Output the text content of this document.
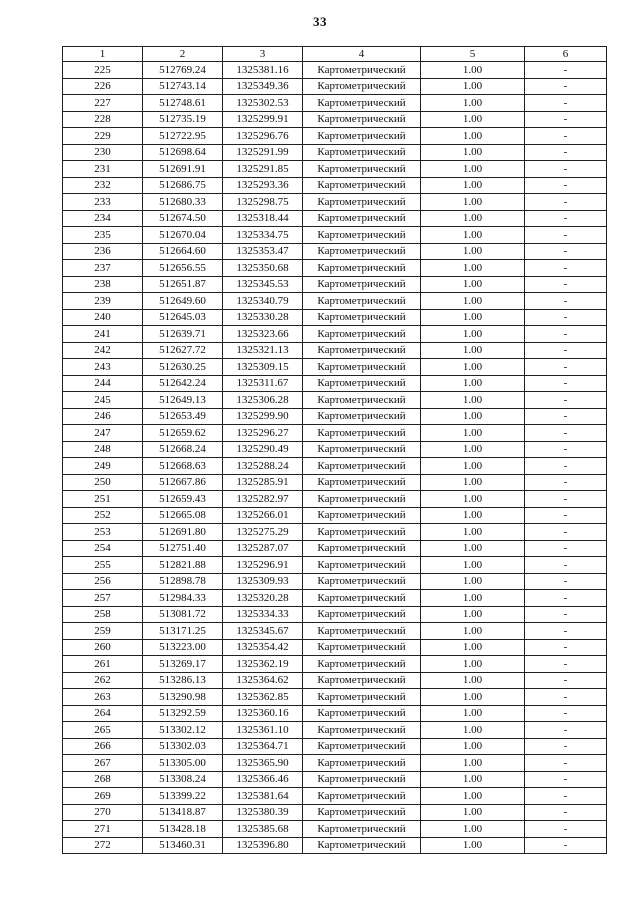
33
1	2	3	4	5	6
225	512769.24	1325381.16	Картометрический	1.00	-
226	512743.14	1325349.36	Картометрический	1.00	-
227	512748.61	1325302.53	Картометрический	1.00	-
228	512735.19	1325299.91	Картометрический	1.00	-
229	512722.95	1325296.76	Картометрический	1.00	-
230	512698.64	1325291.99	Картометрический	1.00	-
231	512691.91	1325291.85	Картометрический	1.00	-
232	512686.75	1325293.36	Картометрический	1.00	-
233	512680.33	1325298.75	Картометрический	1.00	-
234	512674.50	1325318.44	Картометрический	1.00	-
235	512670.04	1325334.75	Картометрический	1.00	-
236	512664.60	1325353.47	Картометрический	1.00	-
237	512656.55	1325350.68	Картометрический	1.00	-
238	512651.87	1325345.53	Картометрический	1.00	-
239	512649.60	1325340.79	Картометрический	1.00	-
240	512645.03	1325330.28	Картометрический	1.00	-
241	512639.71	1325323.66	Картометрический	1.00	-
242	512627.72	1325321.13	Картометрический	1.00	-
243	512630.25	1325309.15	Картометрический	1.00	-
244	512642.24	1325311.67	Картометрический	1.00	-
245	512649.13	1325306.28	Картометрический	1.00	-
246	512653.49	1325299.90	Картометрический	1.00	-
247	512659.62	1325296.27	Картометрический	1.00	-
248	512668.24	1325290.49	Картометрический	1.00	-
249	512668.63	1325288.24	Картометрический	1.00	-
250	512667.86	1325285.91	Картометрический	1.00	-
251	512659.43	1325282.97	Картометрический	1.00	-
252	512665.08	1325266.01	Картометрический	1.00	-
253	512691.80	1325275.29	Картометрический	1.00	-
254	512751.40	1325287.07	Картометрический	1.00	-
255	512821.88	1325296.91	Картометрический	1.00	-
256	512898.78	1325309.93	Картометрический	1.00	-
257	512984.33	1325320.28	Картометрический	1.00	-
258	513081.72	1325334.33	Картометрический	1.00	-
259	513171.25	1325345.67	Картометрический	1.00	-
260	513223.00	1325354.42	Картометрический	1.00	-
261	513269.17	1325362.19	Картометрический	1.00	-
262	513286.13	1325364.62	Картометрический	1.00	-
263	513290.98	1325362.85	Картометрический	1.00	-
264	513292.59	1325360.16	Картометрический	1.00	-
265	513302.12	1325361.10	Картометрический	1.00	-
266	513302.03	1325364.71	Картометрический	1.00	-
267	513305.00	1325365.90	Картометрический	1.00	-
268	513308.24	1325366.46	Картометрический	1.00	-
269	513399.22	1325381.64	Картометрический	1.00	-
270	513418.87	1325380.39	Картометрический	1.00	-
271	513428.18	1325385.68	Картометрический	1.00	-
272	513460.31	1325396.80	Картометрический	1.00	-
